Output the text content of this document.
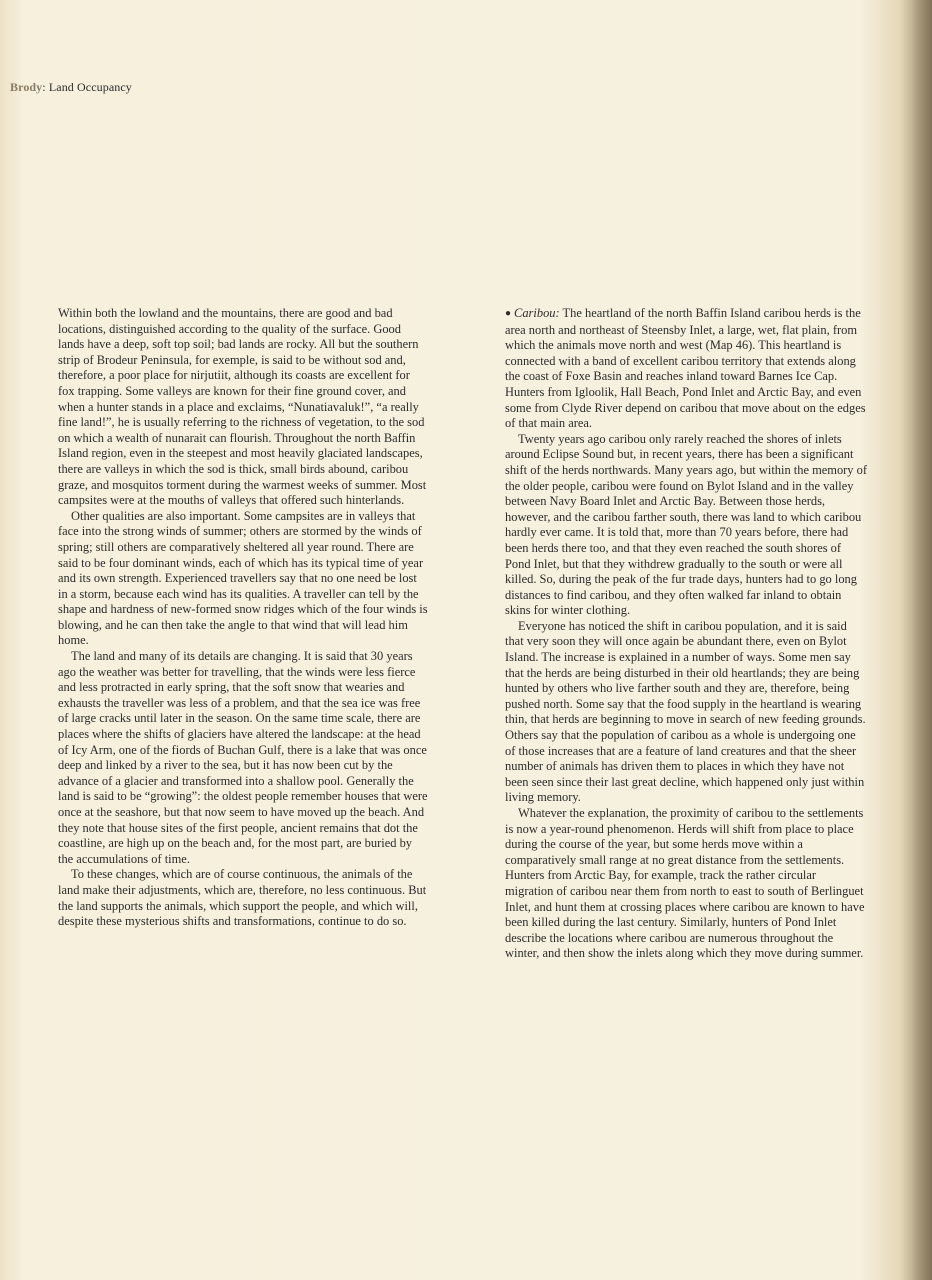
Brody: Land Occupancy

Within both the lowland and the mountains, there are good and bad locations, distinguished according to the quality of the surface. Good lands have a deep, soft top soil; bad lands are rocky. All but the southern strip of Brodeur Peninsula, for exemple, is said to be without sod and, therefore, a poor place for nirjutiit, although its coasts are excellent for fox trapping. Some valleys are known for their fine ground cover, and when a hunter stands in a place and exclaims, “Nunatiavaluk!”, “a really fine land!”, he is usually referring to the richness of vegetation, to the sod on which a wealth of nunarait can flourish. Throughout the north Baffin Island region, even in the steepest and most heavily glaciated landscapes, there are valleys in which the sod is thick, small birds abound, caribou graze, and mosquitos torment during the warmest weeks of summer. Most campsites were at the mouths of valleys that offered such hinterlands.

Other qualities are also important. Some campsites are in valleys that face into the strong winds of summer; others are stormed by the winds of spring; still others are comparatively sheltered all year round. There are said to be four dominant winds, each of which has its typical time of year and its own strength. Experienced travellers say that no one need be lost in a storm, because each wind has its qualities. A traveller can tell by the shape and hardness of new-formed snow ridges which of the four winds is blowing, and he can then take the angle to that wind that will lead him home.

The land and many of its details are changing. It is said that 30 years ago the weather was better for travelling, that the winds were less fierce and less protracted in early spring, that the soft snow that wearies and exhausts the traveller was less of a problem, and that the sea ice was free of large cracks until later in the season. On the same time scale, there are places where the shifts of glaciers have altered the landscape: at the head of Icy Arm, one of the fiords of Buchan Gulf, there is a lake that was once deep and linked by a river to the sea, but it has now been cut by the advance of a glacier and transformed into a shallow pool. Generally the land is said to be “growing”: the oldest people remember houses that were once at the seashore, but that now seem to have moved up the beach. And they note that house sites of the first people, ancient remains that dot the coastline, are high up on the beach and, for the most part, are buried by the accumulations of time.

To these changes, which are of course continuous, the animals of the land make their adjustments, which are, therefore, no less continuous. But the land supports the animals, which support the people, and which will, despite these mysterious shifts and transformations, continue to do so.

● Caribou: The heartland of the north Baffin Island caribou herds is the area north and northeast of Steensby Inlet, a large, wet, flat plain, from which the animals move north and west (Map 46). This heartland is connected with a band of excellent caribou territory that extends along the coast of Foxe Basin and reaches inland toward Barnes Ice Cap. Hunters from Igloolik, Hall Beach, Pond Inlet and Arctic Bay, and even some from Clyde River depend on caribou that move about on the edges of that main area.

Twenty years ago caribou only rarely reached the shores of inlets around Eclipse Sound but, in recent years, there has been a significant shift of the herds northwards. Many years ago, but within the memory of the older people, caribou were found on Bylot Island and in the valley between Navy Board Inlet and Arctic Bay. Between those herds, however, and the caribou farther south, there was land to which caribou hardly ever came. It is told that, more than 70 years before, there had been herds there too, and that they even reached the south shores of Pond Inlet, but that they withdrew gradually to the south or were all killed. So, during the peak of the fur trade days, hunters had to go long distances to find caribou, and they often walked far inland to obtain skins for winter clothing.

Everyone has noticed the shift in caribou population, and it is said that very soon they will once again be abundant there, even on Bylot Island. The increase is explained in a number of ways. Some men say that the herds are being disturbed in their old heartlands; they are being hunted by others who live farther south and they are, therefore, being pushed north. Some say that the food supply in the heartland is wearing thin, that herds are beginning to move in search of new feeding grounds. Others say that the population of caribou as a whole is undergoing one of those increases that are a feature of land creatures and that the sheer number of animals has driven them to places in which they have not been seen since their last great decline, which happened only just within living memory.

Whatever the explanation, the proximity of caribou to the settlements is now a year-round phenomenon. Herds will shift from place to place during the course of the year, but some herds move within a comparatively small range at no great distance from the settlements. Hunters from Arctic Bay, for example, track the rather circular migration of caribou near them from north to east to south of Berlinguet Inlet, and hunt them at crossing places where caribou are known to have been killed during the last century. Similarly, hunters of Pond Inlet describe the locations where caribou are numerous throughout the winter, and then show the inlets along which they move during summer.
